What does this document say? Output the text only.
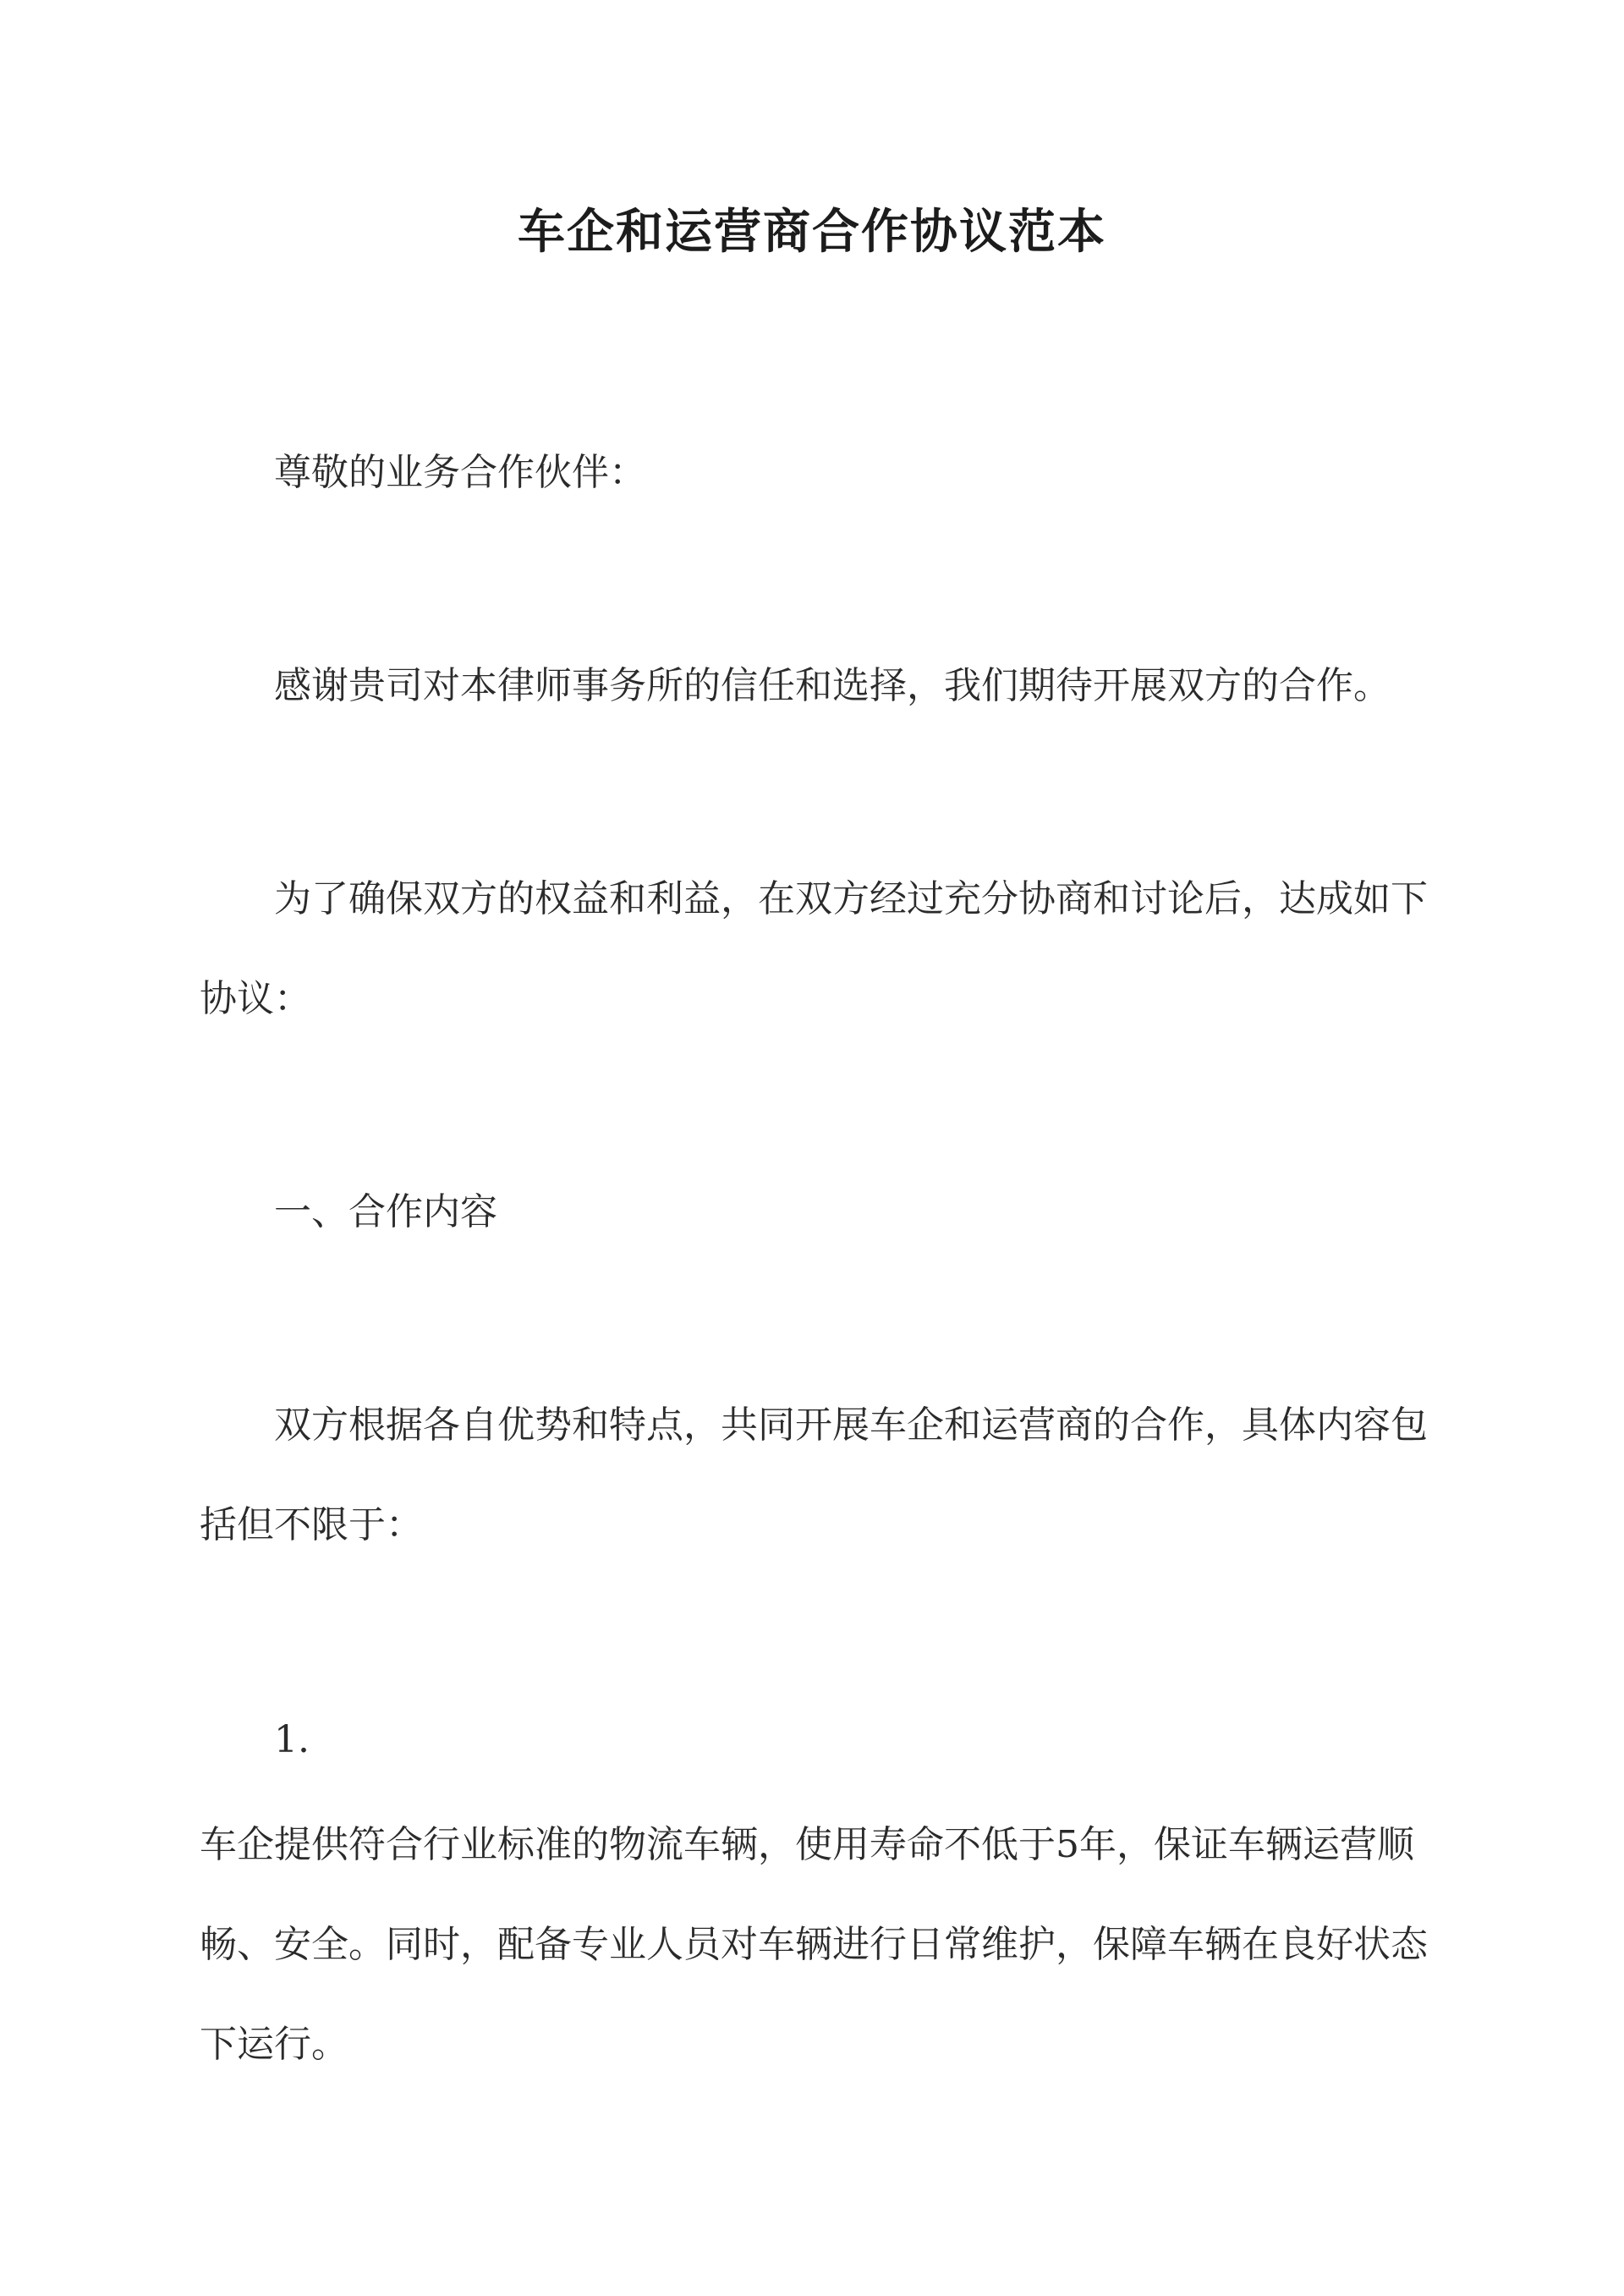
车企和运营商合作协议范本
尊敬的业务合作伙伴：
感谢贵司对本律师事务所的信任和选择，我们期待开展双方的合作。
为了确保双方的权益和利益，在双方经过充分协商和讨论后，达成如下协议：
一、合作内容
双方根据各自优势和特点，共同开展车企和运营商的合作，具体内容包括但不限于：
1.
车企提供符合行业标准的物流车辆，使用寿命不低于5年，保证车辆运营顺畅、安全。同时，配备专业人员对车辆进行日常维护，保障车辆在良好状态下运行。
